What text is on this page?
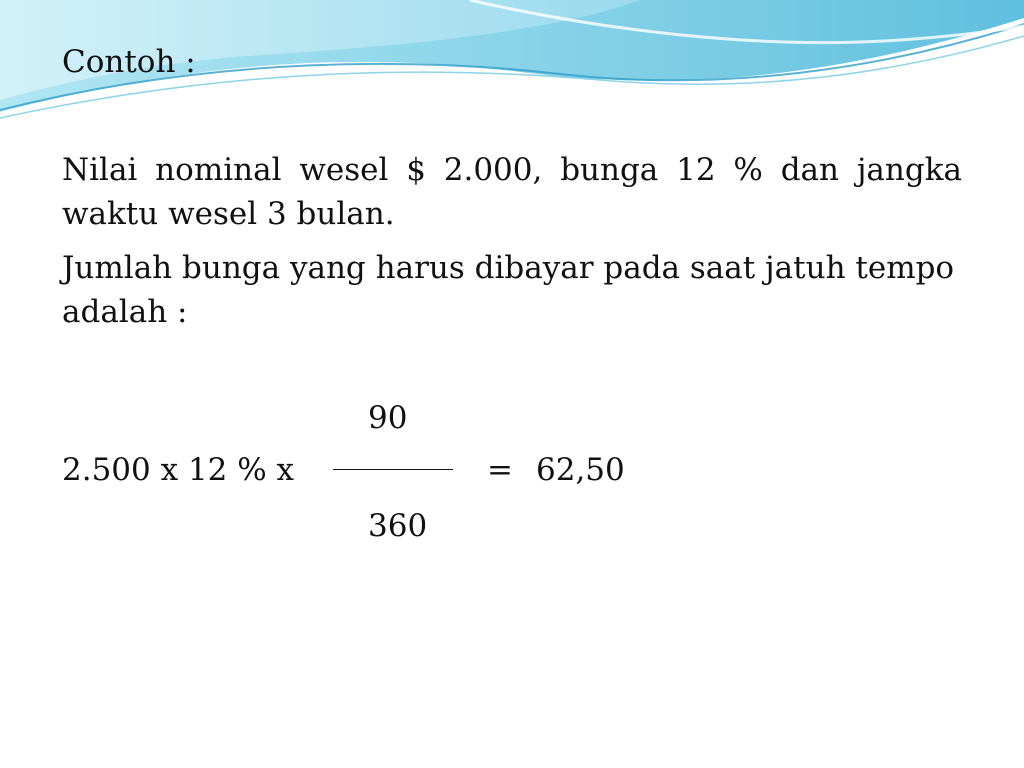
Contoh :
Nilai nominal wesel $ 2.000, bunga 12 % dan jangka
waktu wesel 3 bulan.
Jumlah bunga yang harus dibayar pada saat jatuh tempo
adalah :
90
2.500 x 12 % x	= 62,50
360
